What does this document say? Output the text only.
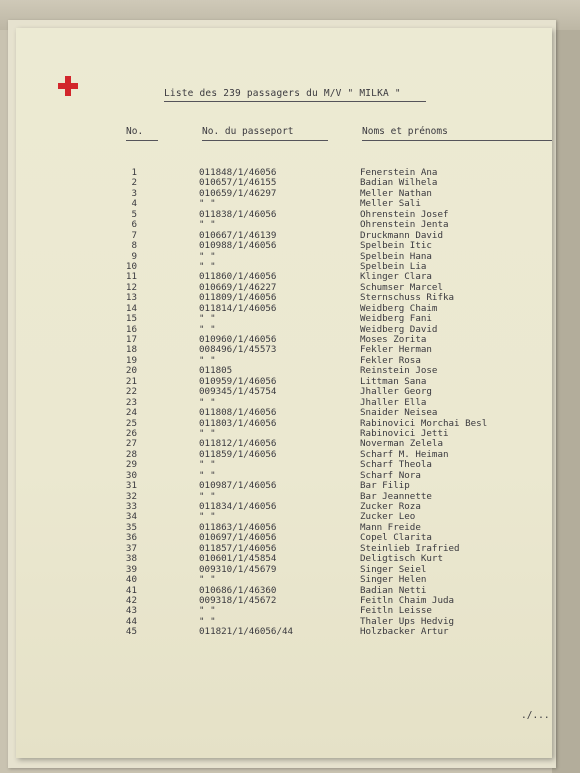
Liste des 239 passagers du M/V " MILKA "
No.	No. du passeport	Noms et prénoms
1	011848/1/46056	Fenerstein Ana
2	010657/1/46155	Badian Wilhela
3	010659/1/46297	Meller Nathan
4	" "	Meller Sali
5	011838/1/46056	Ohrenstein Josef
6	" "	Ohrenstein Jenta
7	010667/1/46139	Druckmann David
8	010988/1/46056	Spelbein Itic
9	" "	Spelbein Hana
10	" "	Spelbein Lia
11	011860/1/46056	Klinger Clara
12	010669/1/46227	Schumser Marcel
13	011809/1/46056	Sternschuss Rifka
14	011814/1/46056	Weidberg Chaim
15	" "	Weidberg Fani
16	" "	Weidberg David
17	010960/1/46056	Moses Zorita
18	008496/1/45573	Fekler Herman
19	" "	Fekler Rosa
20	011805	Reinstein Jose
21	010959/1/46056	Littman Sana
22	009345/1/45754	Jhaller Georg
23	" "	Jhaller Ella
24	011808/1/46056	Snaider Neisea
25	011803/1/46056	Rabinovici Morchai Besl
26	" "	Rabinovici Jetti
27	011812/1/46056	Noverman Zelela
28	011859/1/46056	Scharf M. Heiman
29	" "	Scharf Theola
30	" "	Scharf Nora
31	010987/1/46056	Bar Filip
32	" "	Bar Jeannette
33	011834/1/46056	Zucker Roza
34	" "	Zucker Leo
35	011863/1/46056	Mann Freide
36	010697/1/46056	Copel Clarita
37	011857/1/46056	Steinlieb Irafried
38	010601/1/45854	Deligtisch Kurt
39	009310/1/45679	Singer Seiel
40	" "	Singer Helen
41	010686/1/46360	Badian Netti
42	009318/1/45672	Feitln Chaim Juda
43	" "	Feitln Leisse
44	" "	Thaler Ups Hedvig
45	011821/1/46056/44	Holzbacker Artur
./...
